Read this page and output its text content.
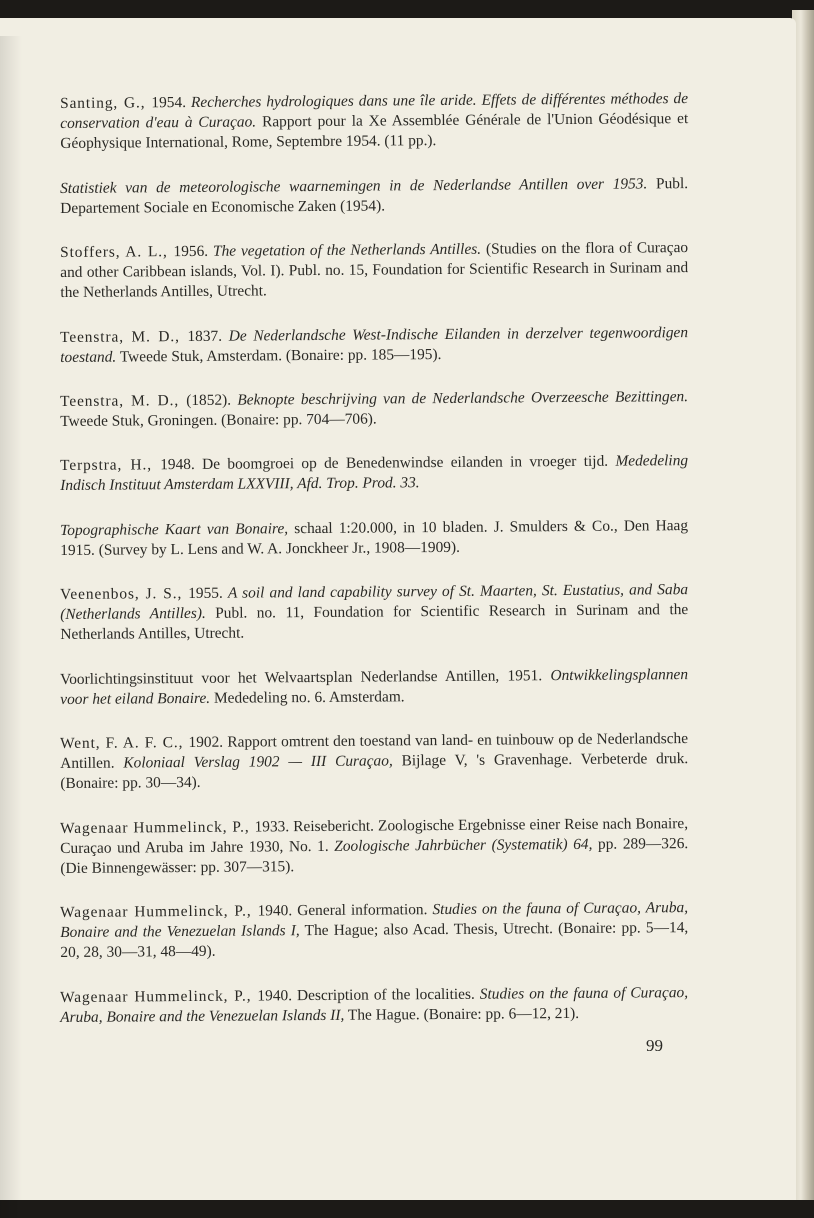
Santing, G., 1954. Recherches hydrologiques dans une île aride. Effets de différentes méthodes de conservation d'eau à Curaçao. Rapport pour la Xe Assemblée Générale de l'Union Géodésique et Géophysique International, Rome, Septembre 1954. (11 pp.).

Statistiek van de meteorologische waarnemingen in de Nederlandse Antillen over 1953. Publ. Departement Sociale en Economische Zaken (1954).

Stoffers, A. L., 1956. The vegetation of the Netherlands Antilles. (Studies on the flora of Curaçao and other Caribbean islands, Vol. I). Publ. no. 15, Foundation for Scientific Research in Surinam and the Netherlands Antilles, Utrecht.

Teenstra, M. D., 1837. De Nederlandsche West-Indische Eilanden in derzelver tegenwoordigen toestand. Tweede Stuk, Amsterdam. (Bonaire: pp. 185—195).

Teenstra, M. D., (1852). Beknopte beschrijving van de Nederlandsche Overzeesche Bezittingen. Tweede Stuk, Groningen. (Bonaire: pp. 704—706).

Terpstra, H., 1948. De boomgroei op de Benedenwindse eilanden in vroeger tijd. Mededeling Indisch Instituut Amsterdam LXXVIII, Afd. Trop. Prod. 33.

Topographische Kaart van Bonaire, schaal 1:20.000, in 10 bladen. J. Smulders & Co., Den Haag 1915. (Survey by L. Lens and W. A. Jonckheer Jr., 1908—1909).

Veenenbos, J. S., 1955. A soil and land capability survey of St. Maarten, St. Eustatius, and Saba (Netherlands Antilles). Publ. no. 11, Foundation for Scientific Research in Surinam and the Netherlands Antilles, Utrecht.

Voorlichtingsinstituut voor het Welvaartsplan Nederlandse Antillen, 1951. Ontwikkelingsplannen voor het eiland Bonaire. Mededeling no. 6. Amsterdam.

Went, F. A. F. C., 1902. Rapport omtrent den toestand van land- en tuinbouw op de Nederlandsche Antillen. Koloniaal Verslag 1902 — III Curaçao, Bijlage V, 's Gravenhage. Verbeterde druk. (Bonaire: pp. 30—34).

Wagenaar Hummelinck, P., 1933. Reisebericht. Zoologische Ergebnisse einer Reise nach Bonaire, Curaçao und Aruba im Jahre 1930, No. 1. Zoologische Jahrbücher (Systematik) 64, pp. 289—326. (Die Binnengewässer: pp. 307—315).

Wagenaar Hummelinck, P., 1940. General information. Studies on the fauna of Curaçao, Aruba, Bonaire and the Venezuelan Islands I, The Hague; also Acad. Thesis, Utrecht. (Bonaire: pp. 5—14, 20, 28, 30—31, 48—49).

Wagenaar Hummelinck, P., 1940. Description of the localities. Studies on the fauna of Curaçao, Aruba, Bonaire and the Venezuelan Islands II, The Hague. (Bonaire: pp. 6—12, 21).

99
